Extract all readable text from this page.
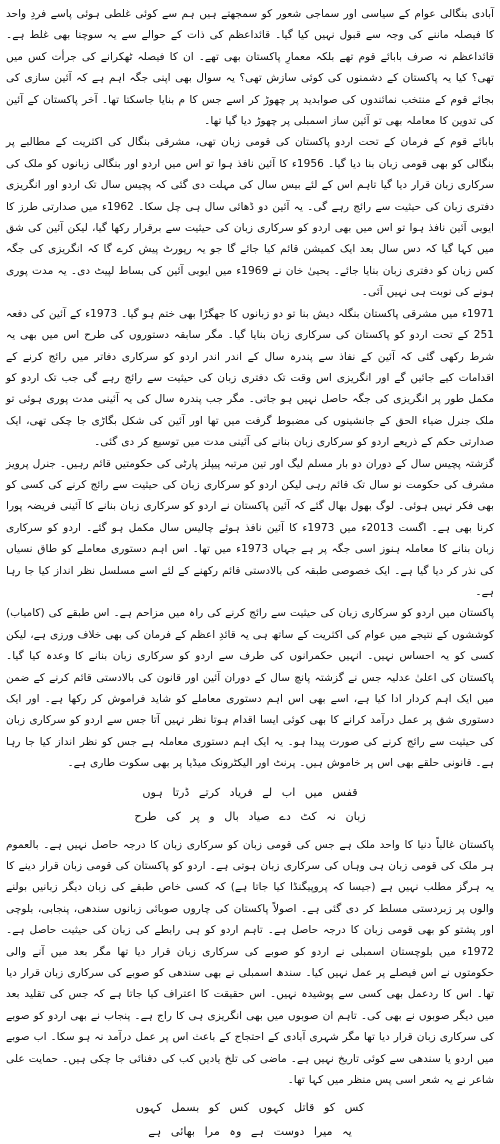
آبادی بنگالی عوام کے سیاسی اور سماجی شعور کو سمجھتے ہیں ہم سے کوئی غلطی ہوئی پاسے فردِ واحد کا فیصلہ ماننے کی وجہ سے قبول نہیں کیا گیا۔ قائداعظم کی ذات کے حوالے سے یہ سوچنا بھی غلط ہے۔ قائداعظم نہ صرف بابائے قوم تھے بلکہ معمارِ پاکستان بھی تھے۔ ان کا فیصلہ ٹھکرانے کی جرأت کس میں تھی؟ کیا یہ پاکستان کے دشمنوں کی کوئی سازش تھی؟ یہ سوال بھی اپنی جگہ اہم ہے کہ آئین سازی کی بجائے قوم کے منتخب نمائندوں کی صوابدید پر چھوڑ کر اسے جس کا م بنایا جاسکتا تھا۔ آخر پاکستان کے آئین کی تدوین کا معاملہ بھی تو آئین ساز اسمبلی پر چھوڑ دیا گیا تھا۔

بابائے قوم کے فرمان کے تحت اردو پاکستان کی قومی زبان تھی، مشرقی بنگال کی اکثریت کے مطالبے پر بنگالی کو بھی قومی زبان بنا دیا گیا۔ 1956ء کا آئین نافذ ہوا تو اس میں اردو اور بنگالی زبانوں کو ملک کی سرکاری زبان قرار دیا گیا تاہم اس کے لئے بیس سال کی مہلت دی گئی کہ پچیس سال تک اردو اور انگریزی دفتری زبان کی حیثیت سے رائج رہے گی۔ یہ آئین دو ڈھائی سال ہی چل سکا۔ 1962ء میں صدارتی طرز کا ایوبی آئین نافذ ہوا تو اس میں بھی اردو کو سرکاری زبان کی حیثیت سے برقرار رکھا گیا، لیکن آئین کی شق میں کہا گیا کہ دس سال بعد ایک کمیشن قائم کیا جائے گا جو یہ رپورٹ پیش کرے گا کہ انگریزی کی جگہ کس زبان کو دفتری زبان بنایا جائے۔ یحییٰ خان نے 1969ء میں ایوبی آئین کی بساط لپیٹ دی۔ یہ مدت پوری ہونے کی نوبت ہی نہیں آئی۔

1971ء میں مشرقی پاکستان بنگلہ دیش بنا تو دو زبانوں کا جھگڑا بھی ختم ہو گیا۔ 1973ء کے آئین کی دفعہ 251 کے تحت اردو کو پاکستان کی سرکاری زبان بنایا گیا۔ مگر سابقہ دستوروں کی طرح اس میں بھی یہ شرط رکھی گئی کہ آئین کے نفاذ سے پندرہ سال کے اندر اندر اردو کو سرکاری دفاتر میں رائج کرنے کے اقدامات کیے جائیں گے اور انگریزی اس وقت تک دفتری زبان کی حیثیت سے رائج رہے گی جب تک اردو کو مکمل طور پر انگریزی کی جگہ حاصل نہیں ہو جاتی۔ مگر جب پندرہ سال کی یہ آئینی مدت پوری ہوئی تو ملک جنرل ضیاء الحق کے جانشینوں کی مضبوط گرفت میں تھا اور آئین کی شکل بگاڑی جا چکی تھی، ایک صدارتی حکم کے ذریعے اردو کو سرکاری زبان بنانے کی آئینی مدت میں توسیع کر دی گئی۔

گزشتہ پچیس سال کے دوران دو بار مسلم لیگ اور تین مرتبہ پیپلز پارٹی کی حکومتیں قائم رہیں۔ جنرل پرویز مشرف کی حکومت نو سال تک قائم رہی لیکن اردو کو سرکاری زبان کی حیثیت سے رائج کرنے کی کسی کو بھی فکر نہیں ہوئی۔ لوگ بھول بھال گئے کہ آئین پاکستان نے اردو کو سرکاری زبان بنانے کا آئینی فریضہ پورا کرنا بھی ہے۔ اگست 2013ء میں 1973ء کا آئین نافذ ہوئے چالیس سال مکمل ہو گئے۔ اردو کو سرکاری زبان بنانے کا معاملہ ہنوز اسی جگہ پر ہے جہاں 1973ء میں تھا۔ اس اہم دستوری معاملے کو طاق نسیاں کی نذر کر دیا گیا ہے۔ ایک خصوصی طبقہ کی بالادستی قائم رکھنے کے لئے اسے مسلسل نظر انداز کیا جا رہا ہے۔

پاکستان میں اردو کو سرکاری زبان کی حیثیت سے رائج کرنے کی راہ میں مزاحم ہے۔ اس طبقے کی (کامیاب) کوششوں کے نتیجے میں عوام کی اکثریت کے ساتھ ہی یہ قائدِ اعظم کے فرمان کی بھی خلاف ورزی ہے، لیکن کسی کو یہ احساس نہیں۔ انہیں حکمرانوں کی طرف سے اردو کو سرکاری زبان بنانے کا وعدہ کیا گیا۔ پاکستان کی اعلیٰ عدلیہ جس نے گزشتہ پانچ سال کے دوران آئین اور قانون کی بالادستی قائم کرنے کے ضمن میں ایک اہم کردار ادا کیا ہے، اسے بھی اس اہم دستوری معاملے کو شاید فراموش کر رکھا ہے۔ اور ایک دستوری شق پر عمل درآمد کرانے کا بھی کوئی ایسا اقدام ہوتا نظر نہیں آتا جس سے اردو کو سرکاری زبان کی حیثیت سے رائج کرنے کی صورت پیدا ہو۔ یہ ایک اہم دستوری معاملہ ہے جس کو نظر انداز کیا جا رہا ہے۔ قانونی حلقے بھی اس پر خاموش ہیں۔ پرنٹ اور الیکٹرونک میڈیا پر بھی سکوت طاری ہے۔

قفس میں اب لے فریاد کرتے ڈرتا ہوں
زبان نہ کٹ دے صیاد بال و پر کی طرح

پاکستان غالباً دنیا کا واحد ملک ہے جس کی قومی زبان کو سرکاری زبان کا درجہ حاصل نہیں ہے۔ بالعموم ہر ملک کی قومی زبان ہی وہاں کی سرکاری زبان ہوتی ہے۔ اردو کو پاکستان کی قومی زبان قرار دینے کا یہ ہرگز مطلب نہیں ہے (جیسا کہ پروپیگنڈا کیا جاتا ہے) کہ کسی خاص طبقے کی زبان دیگر زبانیں بولنے والوں پر زبردستی مسلط کر دی گئی ہے۔ اصولاً پاکستان کی چاروں صوبائی زبانوں سندھی، پنجابی، بلوچی اور پشتو کو بھی قومی زبان کا درجہ حاصل ہے۔ تاہم اردو کو ہی رابطے کی زبان کی حیثیت حاصل ہے۔ 1972ء میں بلوچستان اسمبلی نے اردو کو صوبے کی سرکاری زبان قرار دیا تھا مگر بعد میں آنے والی حکومتوں نے اس فیصلے پر عمل نہیں کیا۔ سندھ اسمبلی نے بھی سندھی کو صوبے کی سرکاری زبان قرار دیا تھا۔ اس کا ردعمل بھی کسی سے پوشیدہ نہیں۔ اس حقیقت کا اعتراف کیا جاتا ہے کہ جس کی تقلید بعد میں دیگر صوبوں نے بھی کی۔ تاہم ان صوبوں میں بھی انگریزی ہی کا راج ہے۔ پنجاب نے بھی اردو کو صوبے کی سرکاری زبان قرار دیا تھا مگر شہری آبادی کے احتجاج کے باعث اس پر عمل درآمد نہ ہو سکا۔ اب صوبے میں اردو یا سندھی سے کوئی تاریخ نہیں ہے۔ ماضی کی تلخ یادیں کب کی دفنائی جا چکی ہیں۔ حمایت علی شاعر نے یہ شعر اسی پس منظر میں کہا تھا۔

کس کو قاتل کہوں کس کو بسمل کہوں
یہ میرا دوست ہے وہ مرا بھائی ہے
